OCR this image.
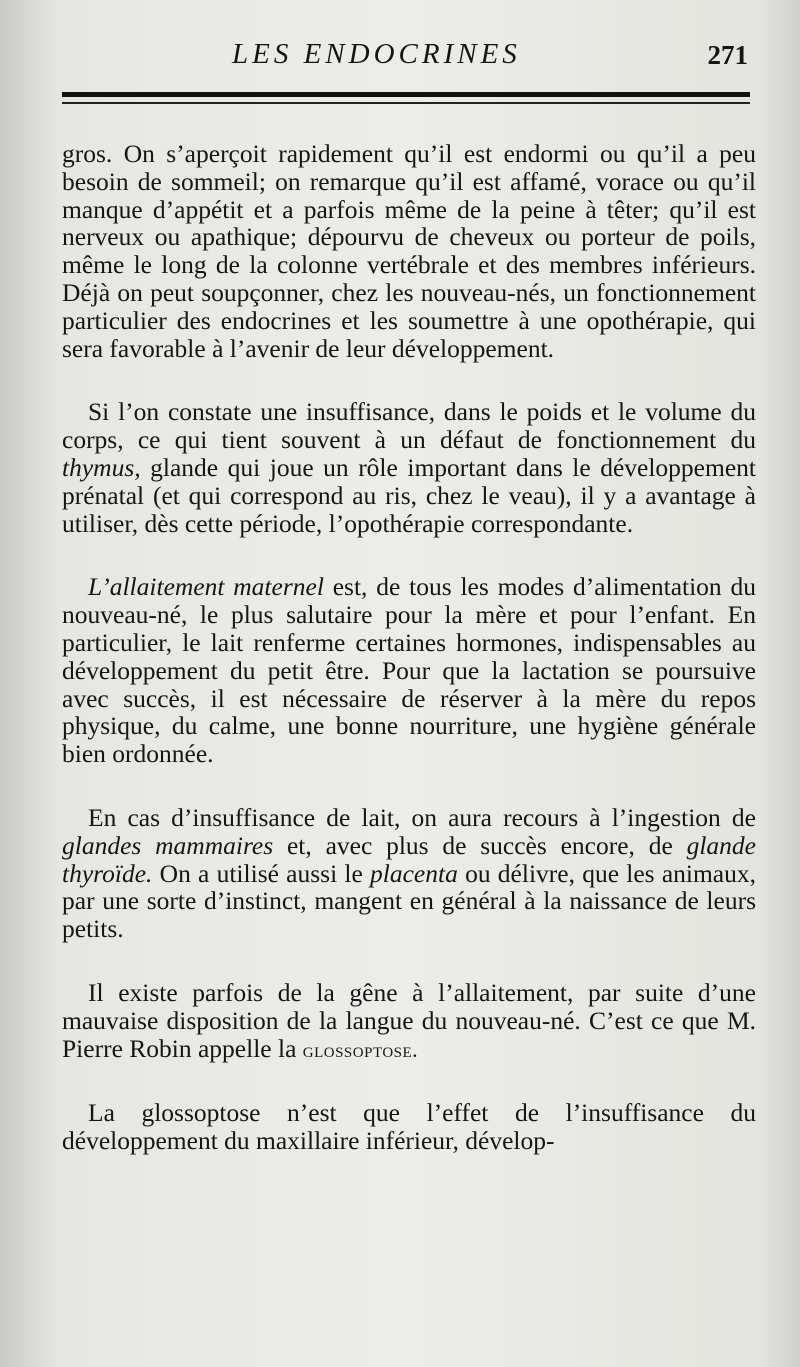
LES ENDOCRINES	271

gros. On s’aperçoit rapidement qu’il est endormi ou qu’il a peu besoin de sommeil; on remarque qu’il est affamé, vorace ou qu’il manque d’appétit et a parfois même de la peine à têter; qu’il est nerveux ou apathique; dépourvu de cheveux ou porteur de poils, même le long de la colonne vertébrale et des membres inférieurs. Déjà on peut soupçonner, chez les nouveau-nés, un fonctionnement particulier des endocrines et les soumettre à une opothérapie, qui sera favorable à l’avenir de leur développement.

Si l’on constate une insuffisance, dans le poids et le volume du corps, ce qui tient souvent à un défaut de fonctionnement du thymus, glande qui joue un rôle important dans le développement prénatal (et qui correspond au ris, chez le veau), il y a avantage à utiliser, dès cette période, l’opothérapie correspondante.

L’allaitement maternel est, de tous les modes d’alimentation du nouveau-né, le plus salutaire pour la mère et pour l’enfant. En particulier, le lait renferme certaines hormones, indispensables au développement du petit être. Pour que la lactation se poursuive avec succès, il est nécessaire de réserver à la mère du repos physique, du calme, une bonne nourriture, une hygiène générale bien ordonnée.

En cas d’insuffisance de lait, on aura recours à l’ingestion de glandes mammaires et, avec plus de succès encore, de glande thyroïde. On a utilisé aussi le placenta ou délivre, que les animaux, par une sorte d’instinct, mangent en général à la naissance de leurs petits.

Il existe parfois de la gêne à l’allaitement, par suite d’une mauvaise disposition de la langue du nouveau-né. C’est ce que M. Pierre Robin appelle la glossoptose.

La glossoptose n’est que l’effet de l’insuffisance du développement du maxillaire inférieur, dévelop-
